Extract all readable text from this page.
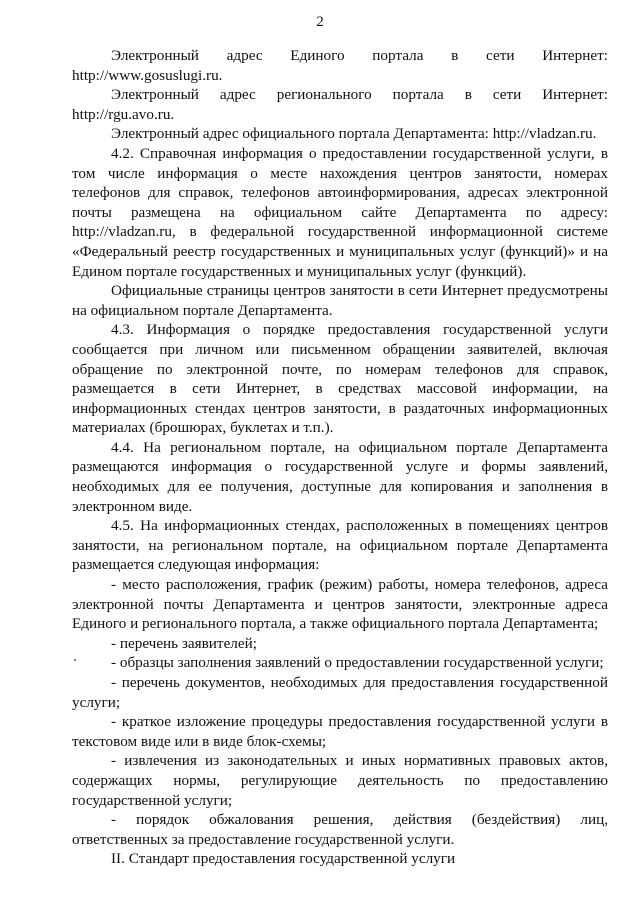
2

Электронный адрес Единого портала в сети Интернет: http://www.gosuslugi.ru.

Электронный адрес регионального портала в сети Интернет: http://rgu.avo.ru.

Электронный адрес официального портала Департамента: http://vladzan.ru.

4.2. Справочная информация о предоставлении государственной услуги, в том числе информация о месте нахождения центров занятости, номерах телефонов для справок, телефонов автоинформирования, адресах электронной почты размещена на официальном сайте Департамента по адресу: http://vladzan.ru, в федеральной государственной информационной системе «Федеральный реестр государственных и муниципальных услуг (функций)» и на Едином портале государственных и муниципальных услуг (функций).

Официальные страницы центров занятости в сети Интернет предусмотрены на официальном портале Департамента.

4.3. Информация о порядке предоставления государственной услуги сообщается при личном или письменном обращении заявителей, включая обращение по электронной почте, по номерам телефонов для справок, размещается в сети Интернет, в средствах массовой информации, на информационных стендах центров занятости, в раздаточных информационных материалах (брошюрах, буклетах и т.п.).

4.4. На региональном портале, на официальном портале Департамента размещаются информация о государственной услуге и формы заявлений, необходимых для ее получения, доступные для копирования и заполнения в электронном виде.

4.5. На информационных стендах, расположенных в помещениях центров занятости, на региональном портале, на официальном портале Департамента размещается следующая информация:

- место расположения, график (режим) работы, номера телефонов, адреса электронной почты Департамента и центров занятости, электронные адреса Единого и регионального портала, а также официального портала Департамента;

- перечень заявителей;

- образцы заполнения заявлений о предоставлении государственной услуги;

- перечень документов, необходимых для предоставления государственной услуги;

- краткое изложение процедуры предоставления государственной услуги в текстовом виде или в виде блок-схемы;

- извлечения из законодательных и иных нормативных правовых актов, содержащих нормы, регулирующие деятельность по предоставлению государственной услуги;

- порядок обжалования решения, действия (бездействия) лиц, ответственных за предоставление государственной услуги.

II. Стандарт предоставления государственной услуги
